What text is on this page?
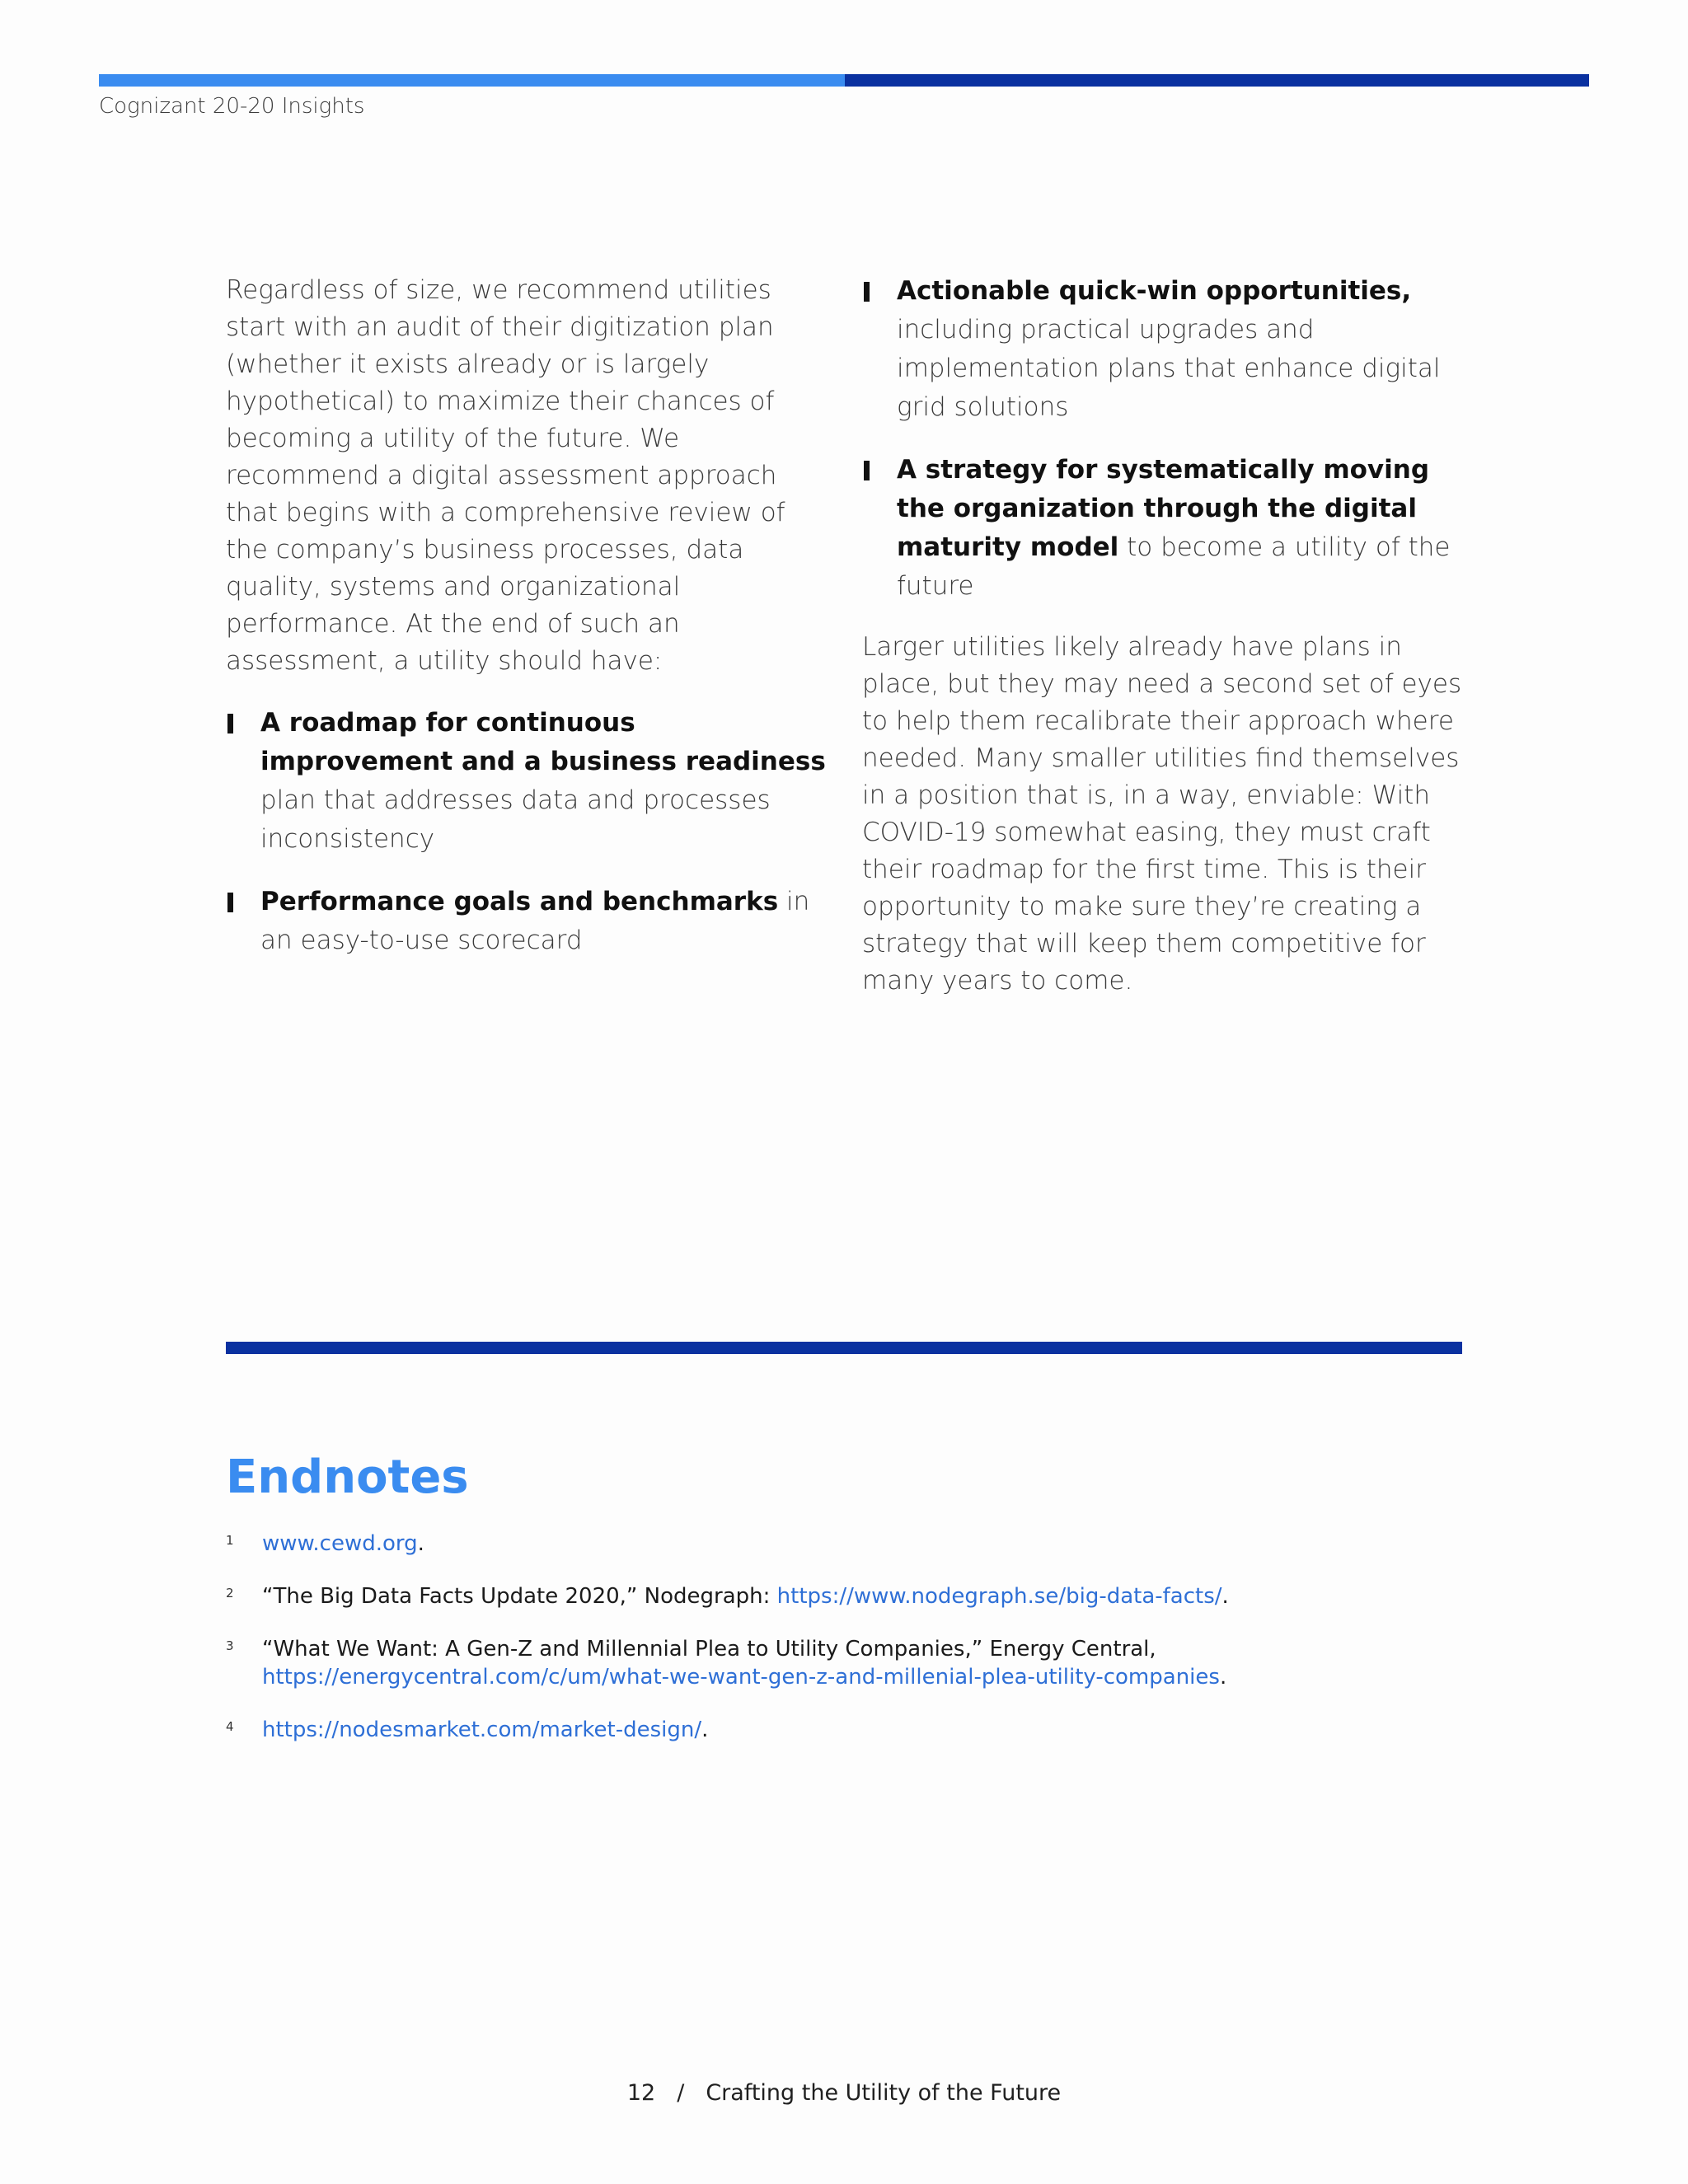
Cognizant 20-20 Insights

Regardless of size, we recommend utilities start with an audit of their digitization plan (whether it exists already or is largely hypothetical) to maximize their chances of becoming a utility of the future. We recommend a digital assessment approach that begins with a comprehensive review of the company’s business processes, data quality, systems and organizational performance. At the end of such an assessment, a utility should have:

A roadmap for continuous improvement and a business readiness plan that addresses data and processes inconsistency
Performance goals and benchmarks in an easy-to-use scorecard
Actionable quick-win opportunities, including practical upgrades and implementation plans that enhance digital grid solutions
A strategy for systematically moving the organization through the digital maturity model to become a utility of the future

Larger utilities likely already have plans in place, but they may need a second set of eyes to help them recalibrate their approach where needed. Many smaller utilities find themselves in a position that is, in a way, enviable: With COVID-19 somewhat easing, they must craft their roadmap for the first time. This is their opportunity to make sure they’re creating a strategy that will keep them competitive for many years to come.

Endnotes
1 www.cewd.org.
2 “The Big Data Facts Update 2020,” Nodegraph: https://www.nodegraph.se/big-data-facts/.
3 “What We Want: A Gen-Z and Millennial Plea to Utility Companies,” Energy Central, https://energycentral.com/c/um/what-we-want-gen-z-and-millenial-plea-utility-companies.
4 https://nodesmarket.com/market-design/.
12 / Crafting the Utility of the Future
